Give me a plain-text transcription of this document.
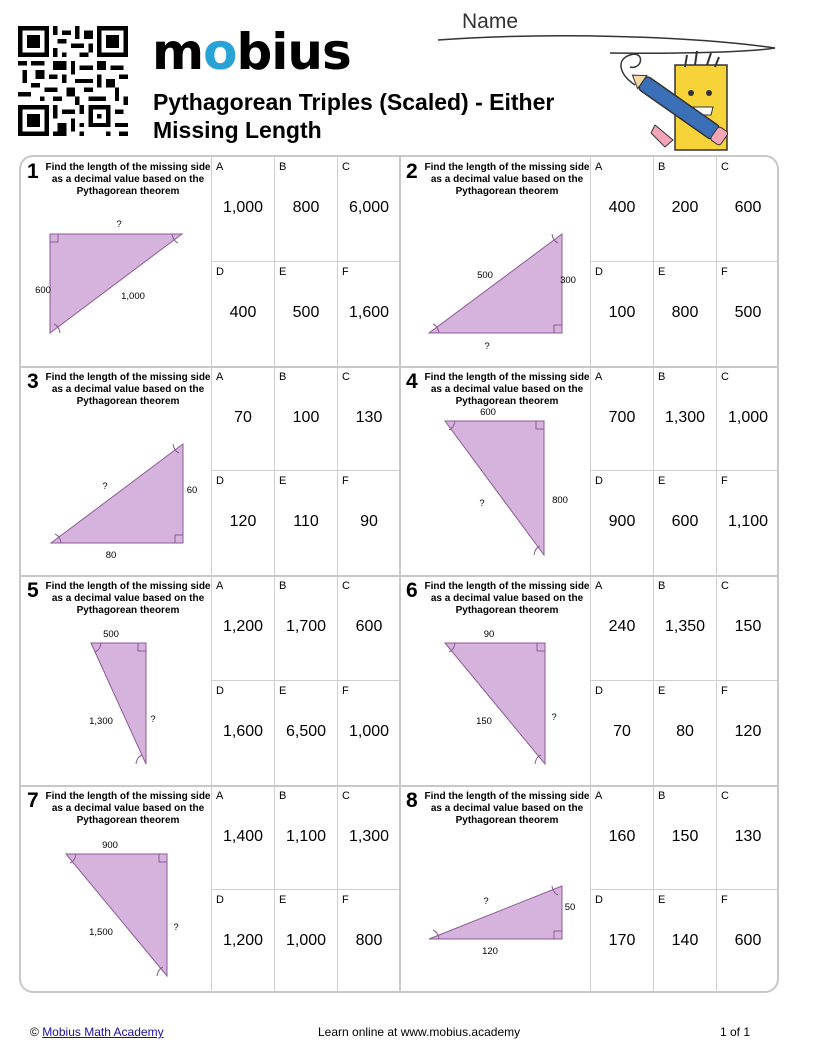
mobius
Pythagorean Triples (Scaled) - Either Missing Length
Name
1 Find the length of the missing side as a decimal value based on the Pythagorean theorem
?
600
1,000
A
1,000
B
800
C
6,000
D
400
E
500
F
1,600
2 Find the length of the missing side as a decimal value based on the Pythagorean theorem
500	300
?
A
400
B
200
C
600
D
100
E
800
F
500
3 Find the length of the missing side as a decimal value based on the Pythagorean theorem
?	60
80
A
70
B
100
C
130
D
120
E
110
F
90
4 Find the length of the missing side as a decimal value based on the Pythagorean theorem
600
?	800
A
700
B
1,300
C
1,000
D
900
E
600
F
1,100
5 Find the length of the missing side as a decimal value based on the Pythagorean theorem
500
1,300	?
A
1,200
B
1,700
C
600
D
1,600
E
6,500
F
1,000
6 Find the length of the missing side as a decimal value based on the Pythagorean theorem
90
150	?
A
240
B
1,350
C
150
D
70
E
80
F
120
7 Find the length of the missing side as a decimal value based on the Pythagorean theorem
900
1,500	?
A
1,400
B
1,100
C
1,300
D
1,200
E
1,000
F
800
8 Find the length of the missing side as a decimal value based on the Pythagorean theorem
?
50
120
A
160
B
150
C
130
D
170
E
140
F
600
© Mobius Math Academy	Learn online at www.mobius.academy	1 of 1
